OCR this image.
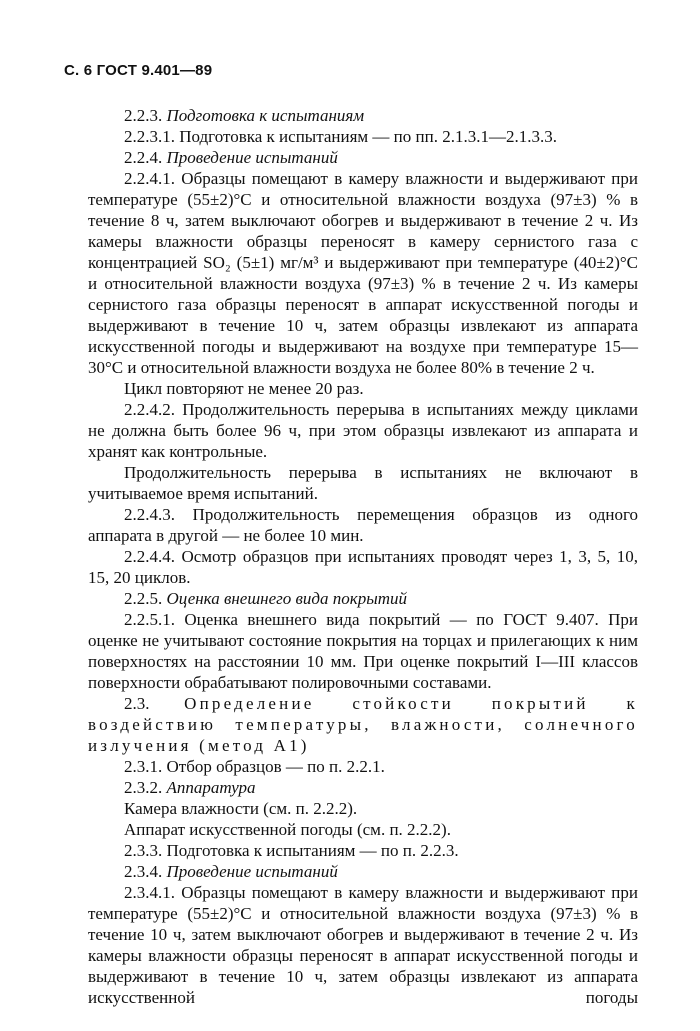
С. 6 ГОСТ 9.401—89

2.2.3. Подготовка к испытаниям

2.2.3.1. Подготовка к испытаниям — по пп. 2.1.3.1—2.1.3.3.

2.2.4. Проведение испытаний

2.2.4.1. Образцы помещают в камеру влажности и выдерживают при температуре (55±2)°С и относительной влажности воздуха (97±3) % в течение 8 ч, затем выключают обогрев и выдерживают в течение 2 ч. Из камеры влажности образцы переносят в камеру сернистого газа с концентрацией SO₂ (5±1) мг/м³ и выдерживают при температуре (40±2)°С и относительной влажности воздуха (97±3) % в течение 2 ч. Из камеры сернистого газа образцы переносят в аппарат искусственной погоды и выдерживают в течение 10 ч, затем образцы извлекают из аппарата искусственной погоды и выдерживают на воздухе при температуре 15—30°С и относительной влажности воздуха не более 80% в течение 2 ч.

Цикл повторяют не менее 20 раз.

2.2.4.2. Продолжительность перерыва в испытаниях между циклами не должна быть более 96 ч, при этом образцы извлекают из аппарата и хранят как контрольные.

Продолжительность перерыва в испытаниях не включают в учитываемое время испытаний.

2.2.4.3. Продолжительность перемещения образцов из одного аппарата в другой — не более 10 мин.

2.2.4.4. Осмотр образцов при испытаниях проводят через 1, 3, 5, 10, 15, 20 циклов.

2.2.5. Оценка внешнего вида покрытий

2.2.5.1. Оценка внешнего вида покрытий — по ГОСТ 9.407. При оценке не учитывают состояние покрытия на торцах и прилегающих к ним поверхностях на расстоянии 10 мм. При оценке покрытий I—III классов поверхности обрабатывают полировочными составами.

2.3. Определение стойкости покрытий к воздействию температуры, влажности, солнечного излучения (метод А1)

2.3.1. Отбор образцов — по п. 2.2.1.

2.3.2. Аппаратура

Камера влажности (см. п. 2.2.2).

Аппарат искусственной погоды (см. п. 2.2.2).

2.3.3. Подготовка к испытаниям — по п. 2.2.3.

2.3.4. Проведение испытаний

2.3.4.1. Образцы помещают в камеру влажности и выдерживают при температуре (55±2)°С и относительной влажности воздуха (97±3) % в течение 10 ч, затем выключают обогрев и выдерживают в течение 2 ч. Из камеры влажности образцы переносят в аппарат искусственной погоды и выдерживают в течение 10 ч, затем образцы извлекают из аппарата искусственной погоды
